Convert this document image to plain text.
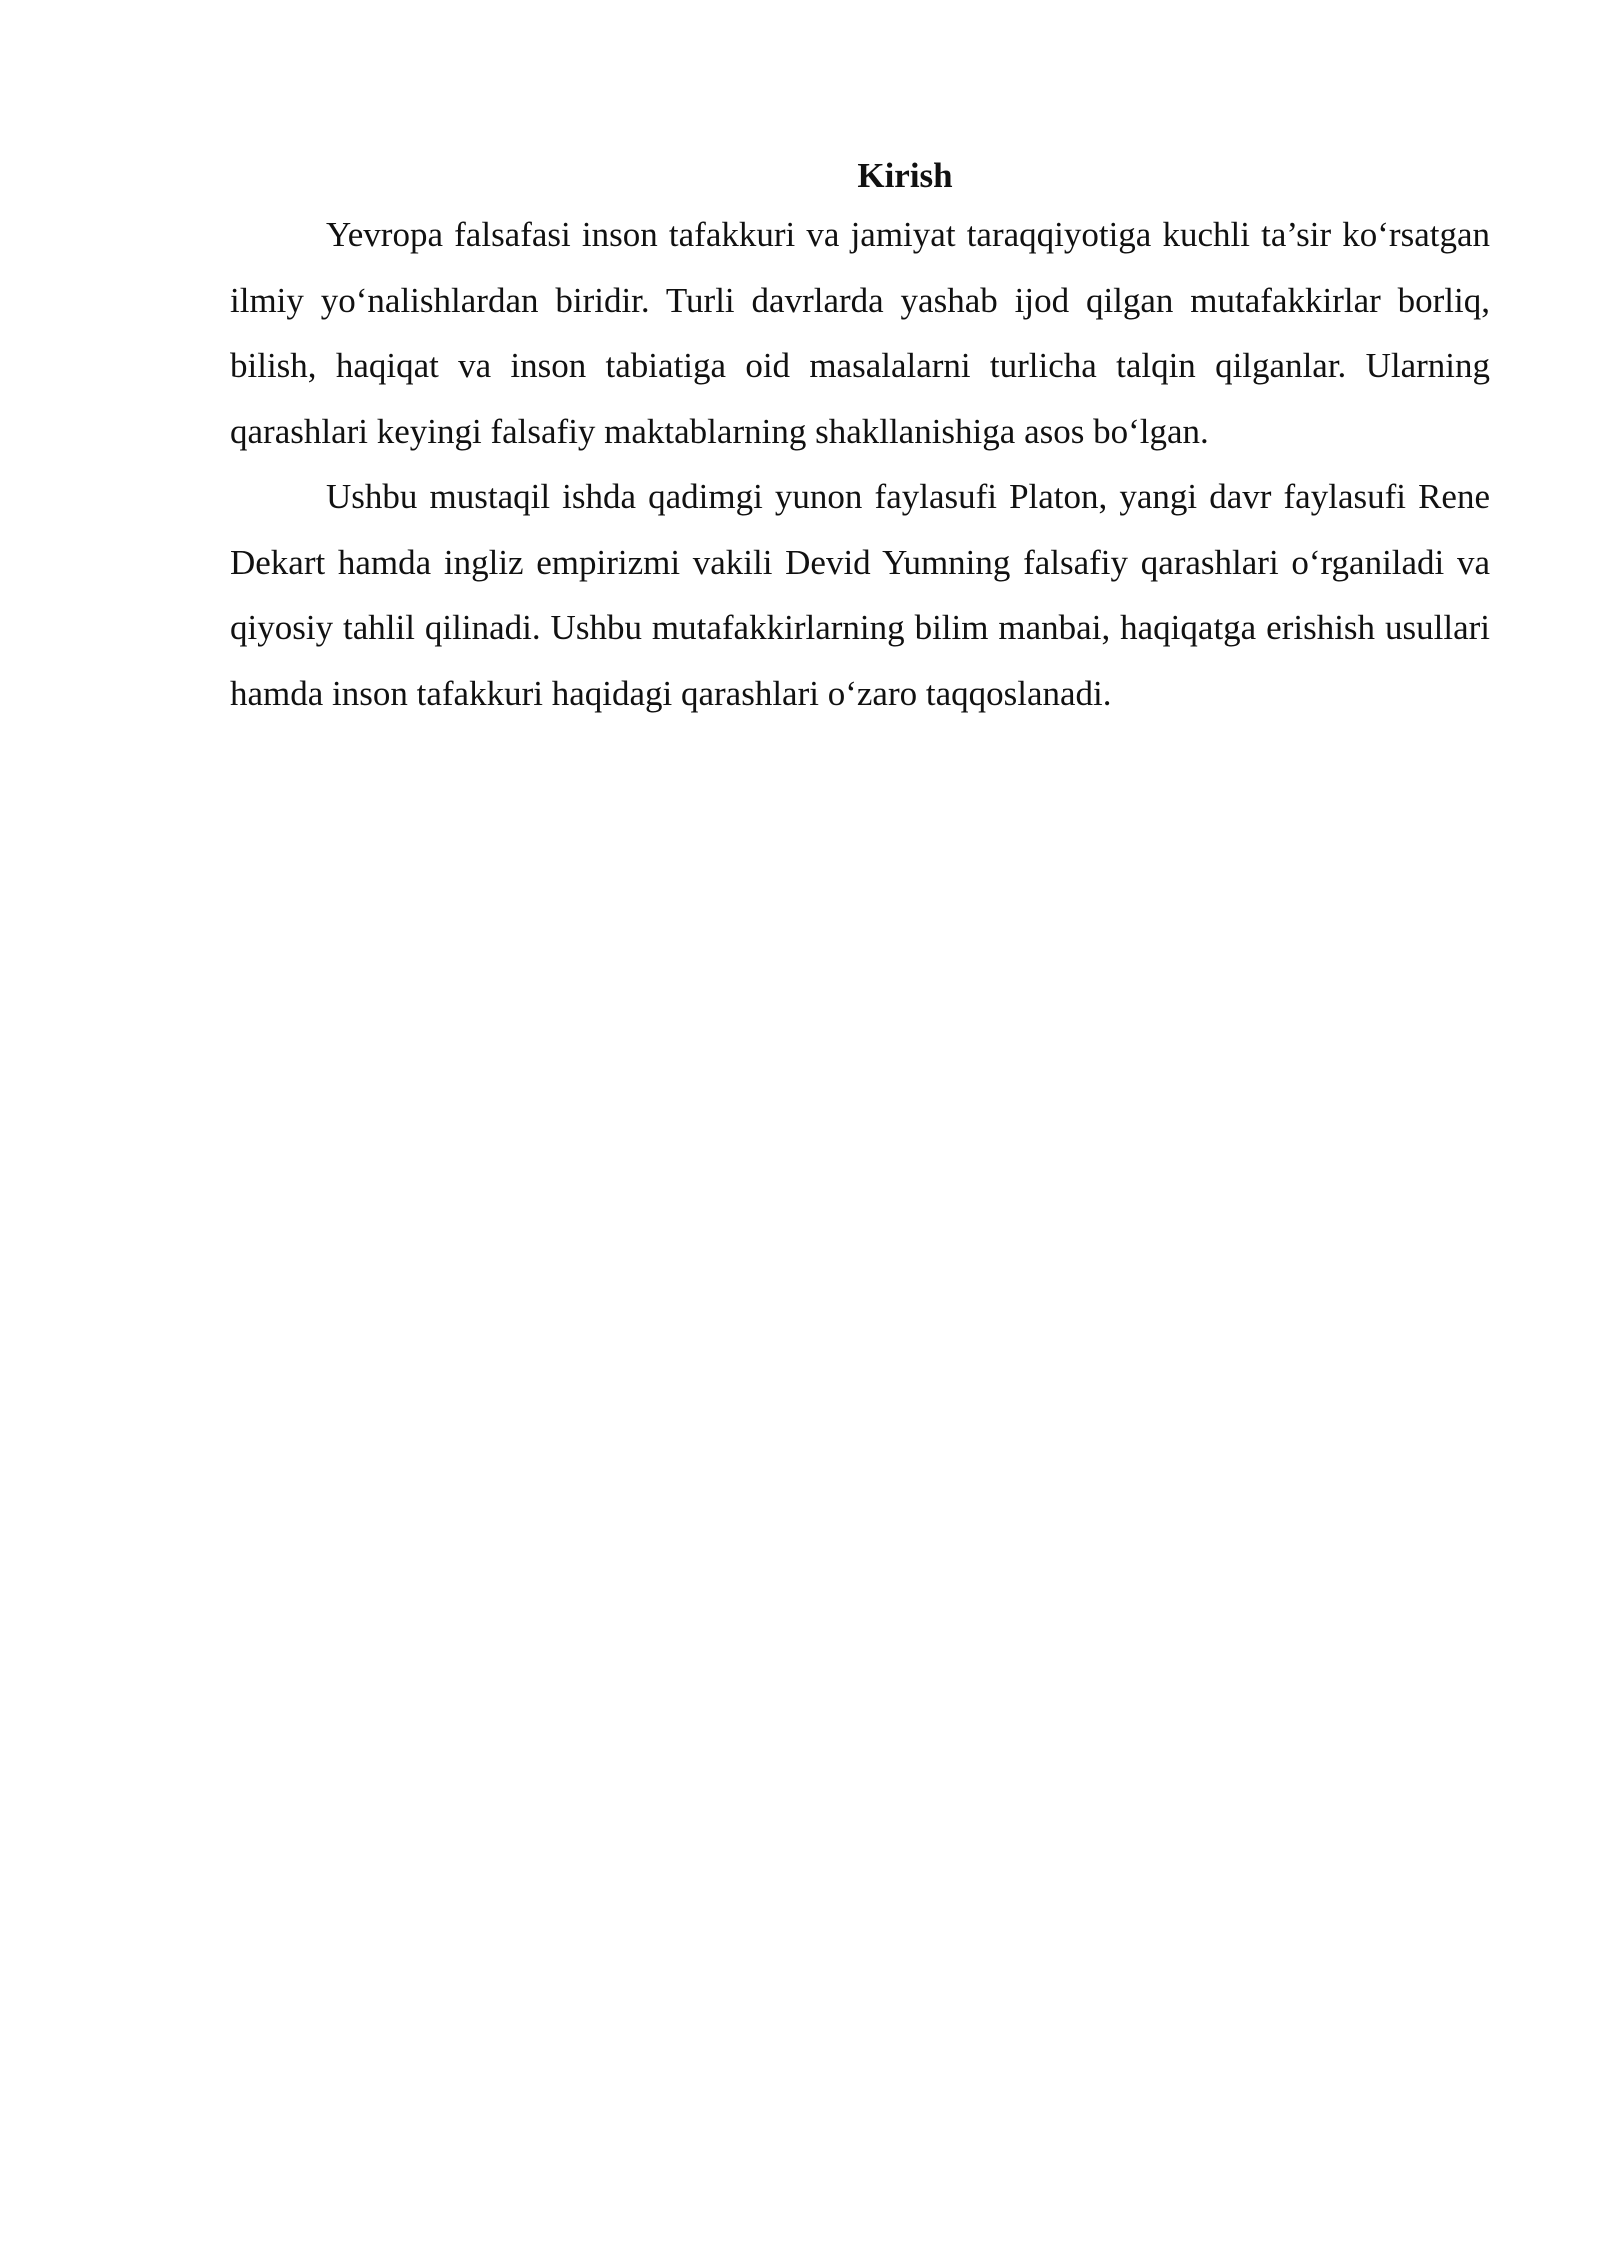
Kirish

Yevropa falsafasi inson tafakkuri va jamiyat taraqqiyotiga kuchli ta’sir ko‘rsatgan ilmiy yo‘nalishlardan biridir. Turli davrlarda yashab ijod qilgan mutafakkirlar borliq, bilish, haqiqat va inson tabiatiga oid masalalarni turlicha talqin qilganlar. Ularning qarashlari keyingi falsafiy maktablarning shakllanishiga asos bo‘lgan.

Ushbu mustaqil ishda qadimgi yunon faylasufi Platon, yangi davr faylasufi Rene Dekart hamda ingliz empirizmi vakili Devid Yumning falsafiy qarashlari o‘rganiladi va qiyosiy tahlil qilinadi. Ushbu mutafakkirlarning bilim manbai, haqiqatga erishish usullari hamda inson tafakkuri haqidagi qarashlari o‘zaro taqqoslanadi.
